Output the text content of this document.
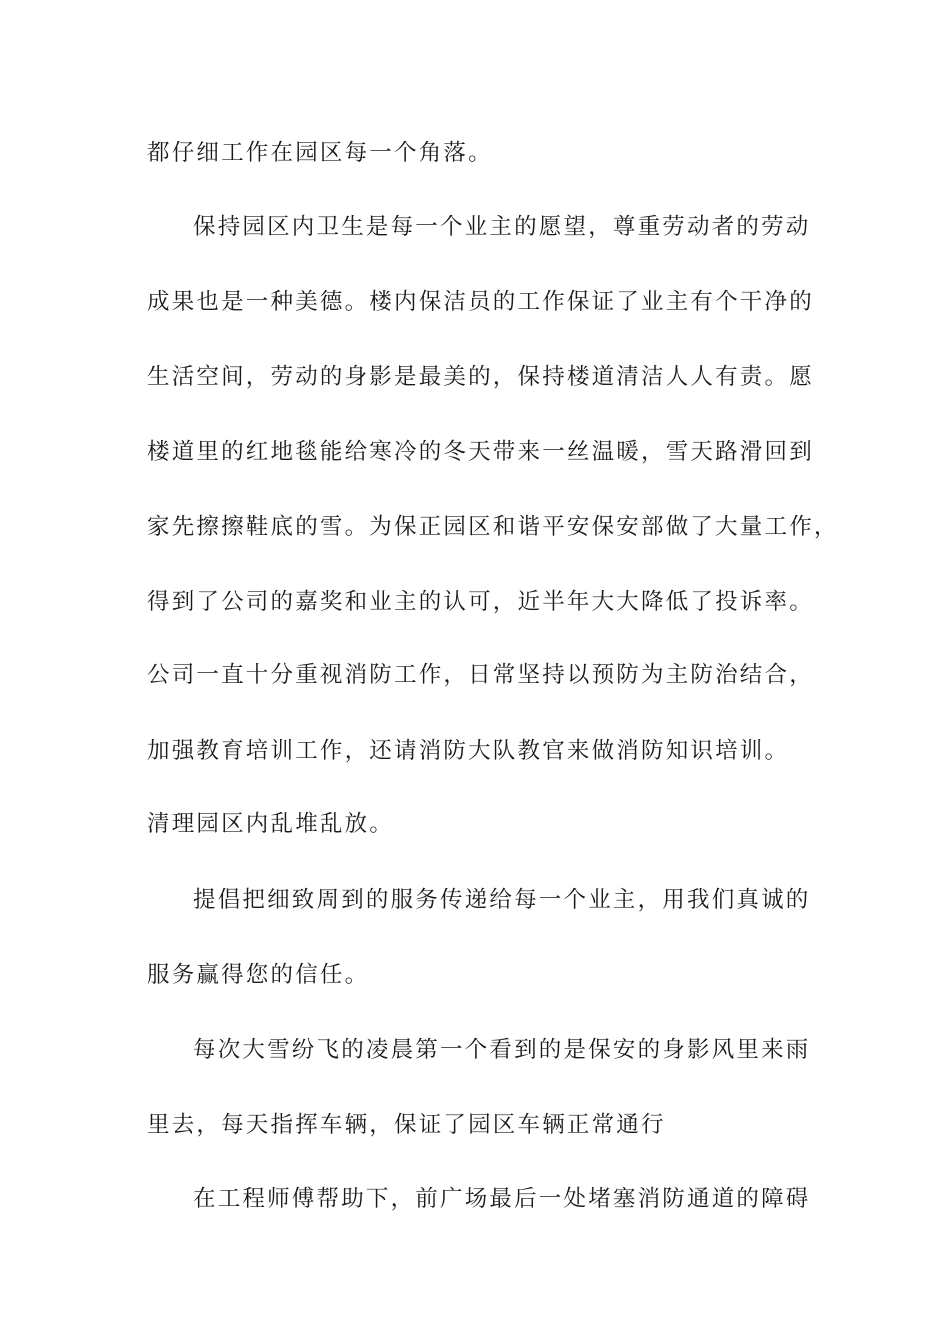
都仔细工作在园区每一个角落。
保持园区内卫生是每一个业主的愿望，尊重劳动者的劳动
成果也是一种美德。楼内保洁员的工作保证了业主有个干净的
生活空间，劳动的身影是最美的，保持楼道清洁人人有责。愿
楼道里的红地毯能给寒冷的冬天带来一丝温暖，雪天路滑回到
家先擦擦鞋底的雪。为保正园区和谐平安保安部做了大量工作，
得到了公司的嘉奖和业主的认可，近半年大大降低了投诉率。
公司一直十分重视消防工作，日常坚持以预防为主防治结合，
加强教育培训工作，还请消防大队教官来做消防知识培训。
清理园区内乱堆乱放。
提倡把细致周到的服务传递给每一个业主，用我们真诚的
服务赢得您的信任。
每次大雪纷飞的凌晨第一个看到的是保安的身影风里来雨
里去，每天指挥车辆，保证了园区车辆正常通行
在工程师傅帮助下，前广场最后一处堵塞消防通道的障碍
